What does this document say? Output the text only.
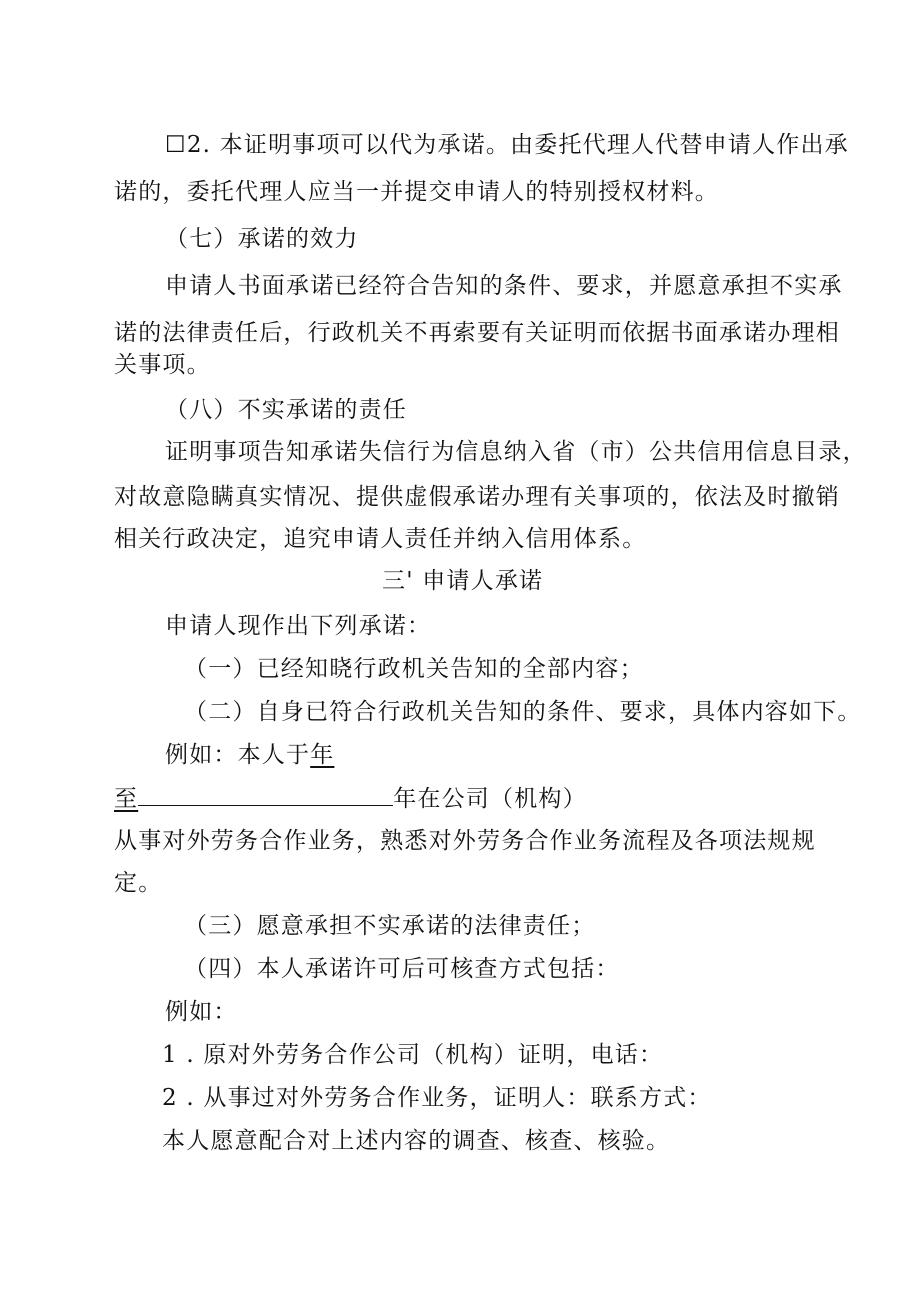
☐2. 本证明事项可以代为承诺。由委托代理人代替申请人作出承
诺的，委托代理人应当一并提交申请人的特别授权材料。
（七）承诺的效力
申请人书面承诺已经符合告知的条件、要求，并愿意承担不实承
诺的法律责任后，行政机关不再索要有关证明而依据书面承诺办理相
关事项。
（八）不实承诺的责任
证明事项告知承诺失信行为信息纳入省（市）公共信用信息目录，
对故意隐瞒真实情况、提供虚假承诺办理有关事项的，依法及时撤销
相关行政决定，追究申请人责任并纳入信用体系。
三' 申请人承诺
申请人现作出下列承诺：
（一）已经知晓行政机关告知的全部内容；
（二）自身已符合行政机关告知的条件、要求，具体内容如下。
例如：本人于年
至	年在公司（机构）
从事对外劳务合作业务，熟悉对外劳务合作业务流程及各项法规规
定。
（三）愿意承担不实承诺的法律责任；
（四）本人承诺许可后可核查方式包括：
例如：
1 . 原对外劳务合作公司（机构）证明，电话：
2 . 从事过对外劳务合作业务，证明人：联系方式：
本人愿意配合对上述内容的调查、核查、核验。
